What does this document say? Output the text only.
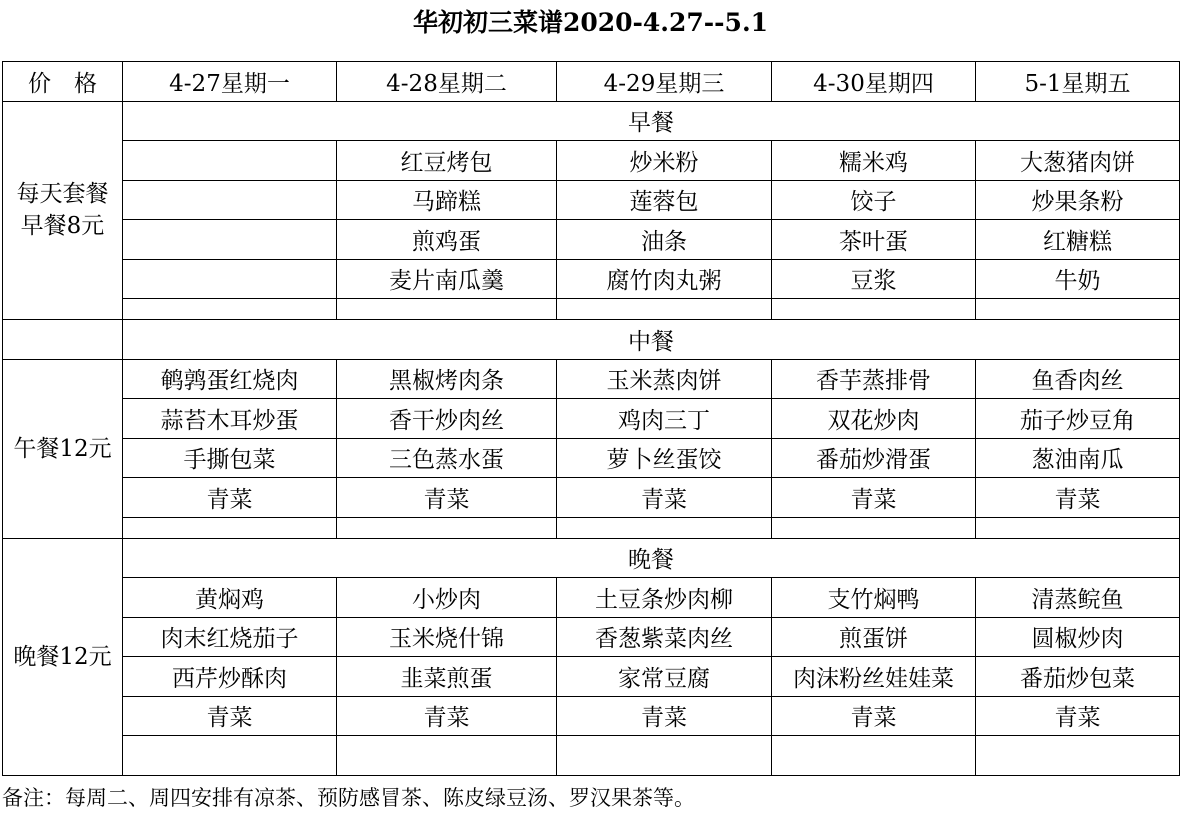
华初初三菜谱2020-4.27--5.1
价　格	4-27星期一	4-28星期二	4-29星期三	4-30星期四	5-1星期五

每天套餐
早餐8元	早餐				
		红豆烤包	炒米粉	糯米鸡	大葱猪肉饼
		马蹄糕	莲蓉包	饺子	炒果条粉
		煎鸡蛋	油条	茶叶蛋	红糖糕
		麦片南瓜羹	腐竹肉丸粥	豆浆	牛奶

	中餐				
午餐12元	鹌鹑蛋红烧肉	黑椒烤肉条	玉米蒸肉饼	香芋蒸排骨	鱼香肉丝
	蒜苔木耳炒蛋	香干炒肉丝	鸡肉三丁	双花炒肉	茄子炒豆角
	手撕包菜	三色蒸水蛋	萝卜丝蛋饺	番茄炒滑蛋	葱油南瓜
	青菜	青菜	青菜	青菜	青菜

晚餐12元	晚餐				
	黄焖鸡	小炒肉	土豆条炒肉柳	支竹焖鸭	清蒸鲩鱼
	肉末红烧茄子	玉米烧什锦	香葱紫菜肉丝	煎蛋饼	圆椒炒肉
	西芹炒酥肉	韭菜煎蛋	家常豆腐	肉沫粉丝娃娃菜	番茄炒包菜
	青菜	青菜	青菜	青菜	青菜

备注：每周二、周四安排有凉茶、预防感冒茶、陈皮绿豆汤、罗汉果茶等。
